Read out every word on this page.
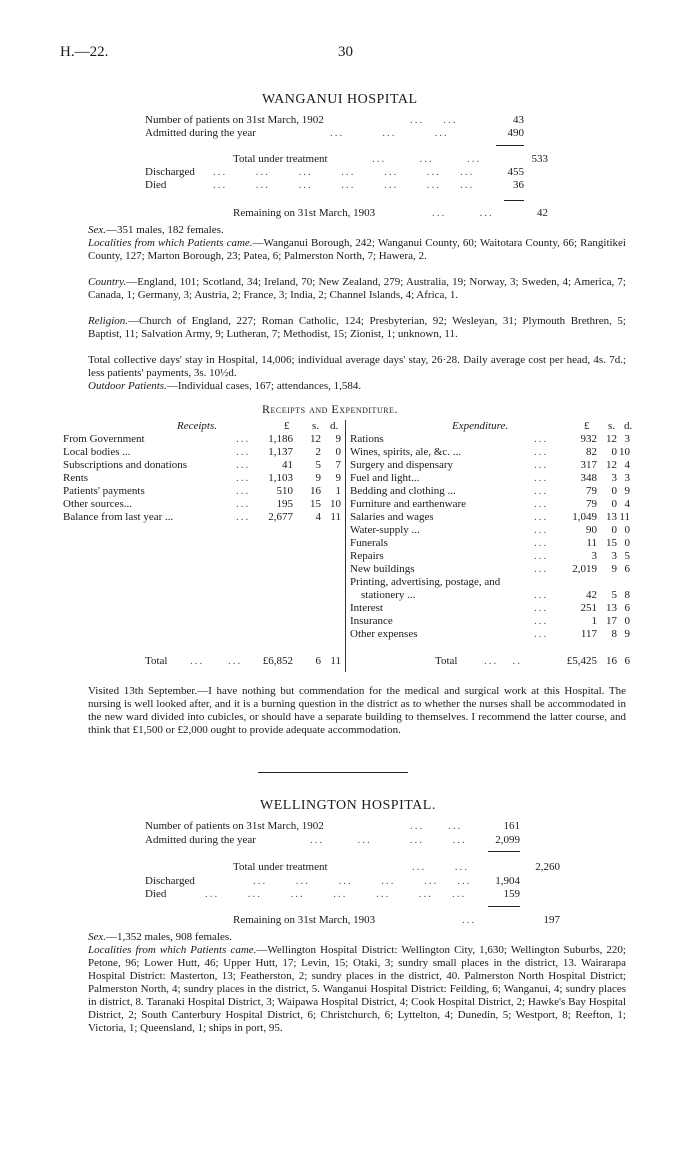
H.—22.	30
WANGANUI HOSPITAL
Number of patients on 31st March, 1902	...    ...	43
Admitted during the year	...        ...        ...	490
Total under treatment	...       ...       ...	533
Discharged ...      ...      ...      ...      ...      ...    ...	455
Died	...      ...      ...      ...      ...      ...    ...	36
Remaining on 31st March, 1903	...       ...	42
Sex.—351 males, 182 females.
Localities from which Patients came.—Wanganui Borough, 242; Wanganui County, 60; Waitotara County, 66; Rangitikei County, 127; Marton Borough, 23; Patea, 6; Palmerston North, 7; Hawera, 2.
Country.—England, 101; Scotland, 34; Ireland, 70; New Zealand, 279; Australia, 19; Norway, 3; Sweden, 4; America, 7; Canada, 1; Germany, 3; Austria, 2; France, 3; India, 2; Channel Islands, 4; Africa, 1.
Religion.—Church of England, 227; Roman Catholic, 124; Presbyterian, 92; Wesleyan, 31; Plymouth Brethren, 5; Baptist, 11; Salvation Army, 9; Lutheran, 7; Methodist, 15; Zionist, 1; unknown, 11.
Total collective days' stay in Hospital, 14,006; individual average days' stay, 26·28. Daily average cost per head, 4s. 7d.; less patients' payments, 3s. 10½d.
Outdoor Patients.—Individual cases, 167; attendances, 1,584.
Receipts and Expenditure.
Receipts.	£ s. d.	Expenditure.	£ s. d.
From Government	...	1,186	12	9
Local bodies ...	...	1,137	2	0
Subscriptions and donations	...	41	5	7
Rents	...	1,103	9	9
Patients' payments	...	510	16	1
Other sources...	...	195	15 10
Balance from last year ...	...	2,677	4 11
Rations	...	932 12 3
Wines, spirits, ale, &c. ...	...	82	0 10
Surgery and dispensary	...	317 12 4
Fuel and light...	...	348	3 3
Bedding and clothing ...	...	79	0 9
Furniture and earthenware	...	79	0 4
Salaries and wages	...	1,049 13 11
Water-supply ...	...	90	0 0
Funerals	...	11 15 0
Repairs	...	3	3 5
New buildings	...	2,019	9 6
Printing, advertising, postage, and
stationery ...	...	42	5 8
Interest	...	251 13 6
Insurance	...	1 17 0
Other expenses	...	117	8 9
Total ...     ...	£6,852	6 11	Total ...   ..	£5,425 16 6
Visited 13th September.—I have nothing but commendation for the medical and surgical work at this Hospital. The nursing is well looked after, and it is a burning question in the district as to whether the nurses shall be accommodated in the new ward divided into cubicles, or should have a separate building to themselves. I recommend the latter course, and think that £1,500 or £2,000 ought to provide adequate accommodation.
WELLINGTON HOSPITAL.
Number of patients on 31st March, 1902	...     ...	161
Admitted during the year	...       ...        ...      ...	2,099
Total under treatment	...      ...	2,260
Discharged	...      ...      ...      ...      ...    ...	1,904
Died	...      ...      ...      ...      ...      ...    ...	159
Remaining on 31st March, 1903	...	197
Sex.—1,352 males, 908 females.
Localities from which Patients came.—Wellington Hospital District: Wellington City, 1,630; Wellington Suburbs, 220; Petone, 96; Lower Hutt, 46; Upper Hutt, 17; Levin, 15; Otaki, 3; sundry small places in the district, 13. Wairarapa Hospital District: Masterton, 13; Featherston, 2; sundry places in the district, 40. Palmerston North Hospital District; Palmerston North, 4; sundry places in the district, 5. Wanganui Hospital District: Feilding, 6; Wanganui, 4; sundry places in district, 8. Taranaki Hospital District, 3; Waipawa Hospital District, 4; Cook Hospital District, 2; Hawke's Bay Hospital District, 2; South Canterbury Hospital District, 6; Christchurch, 6; Lyttelton, 4; Dunedin, 5; Westport, 8; Reefton, 1; Victoria, 1; Queensland, 1; ships in port, 95.
